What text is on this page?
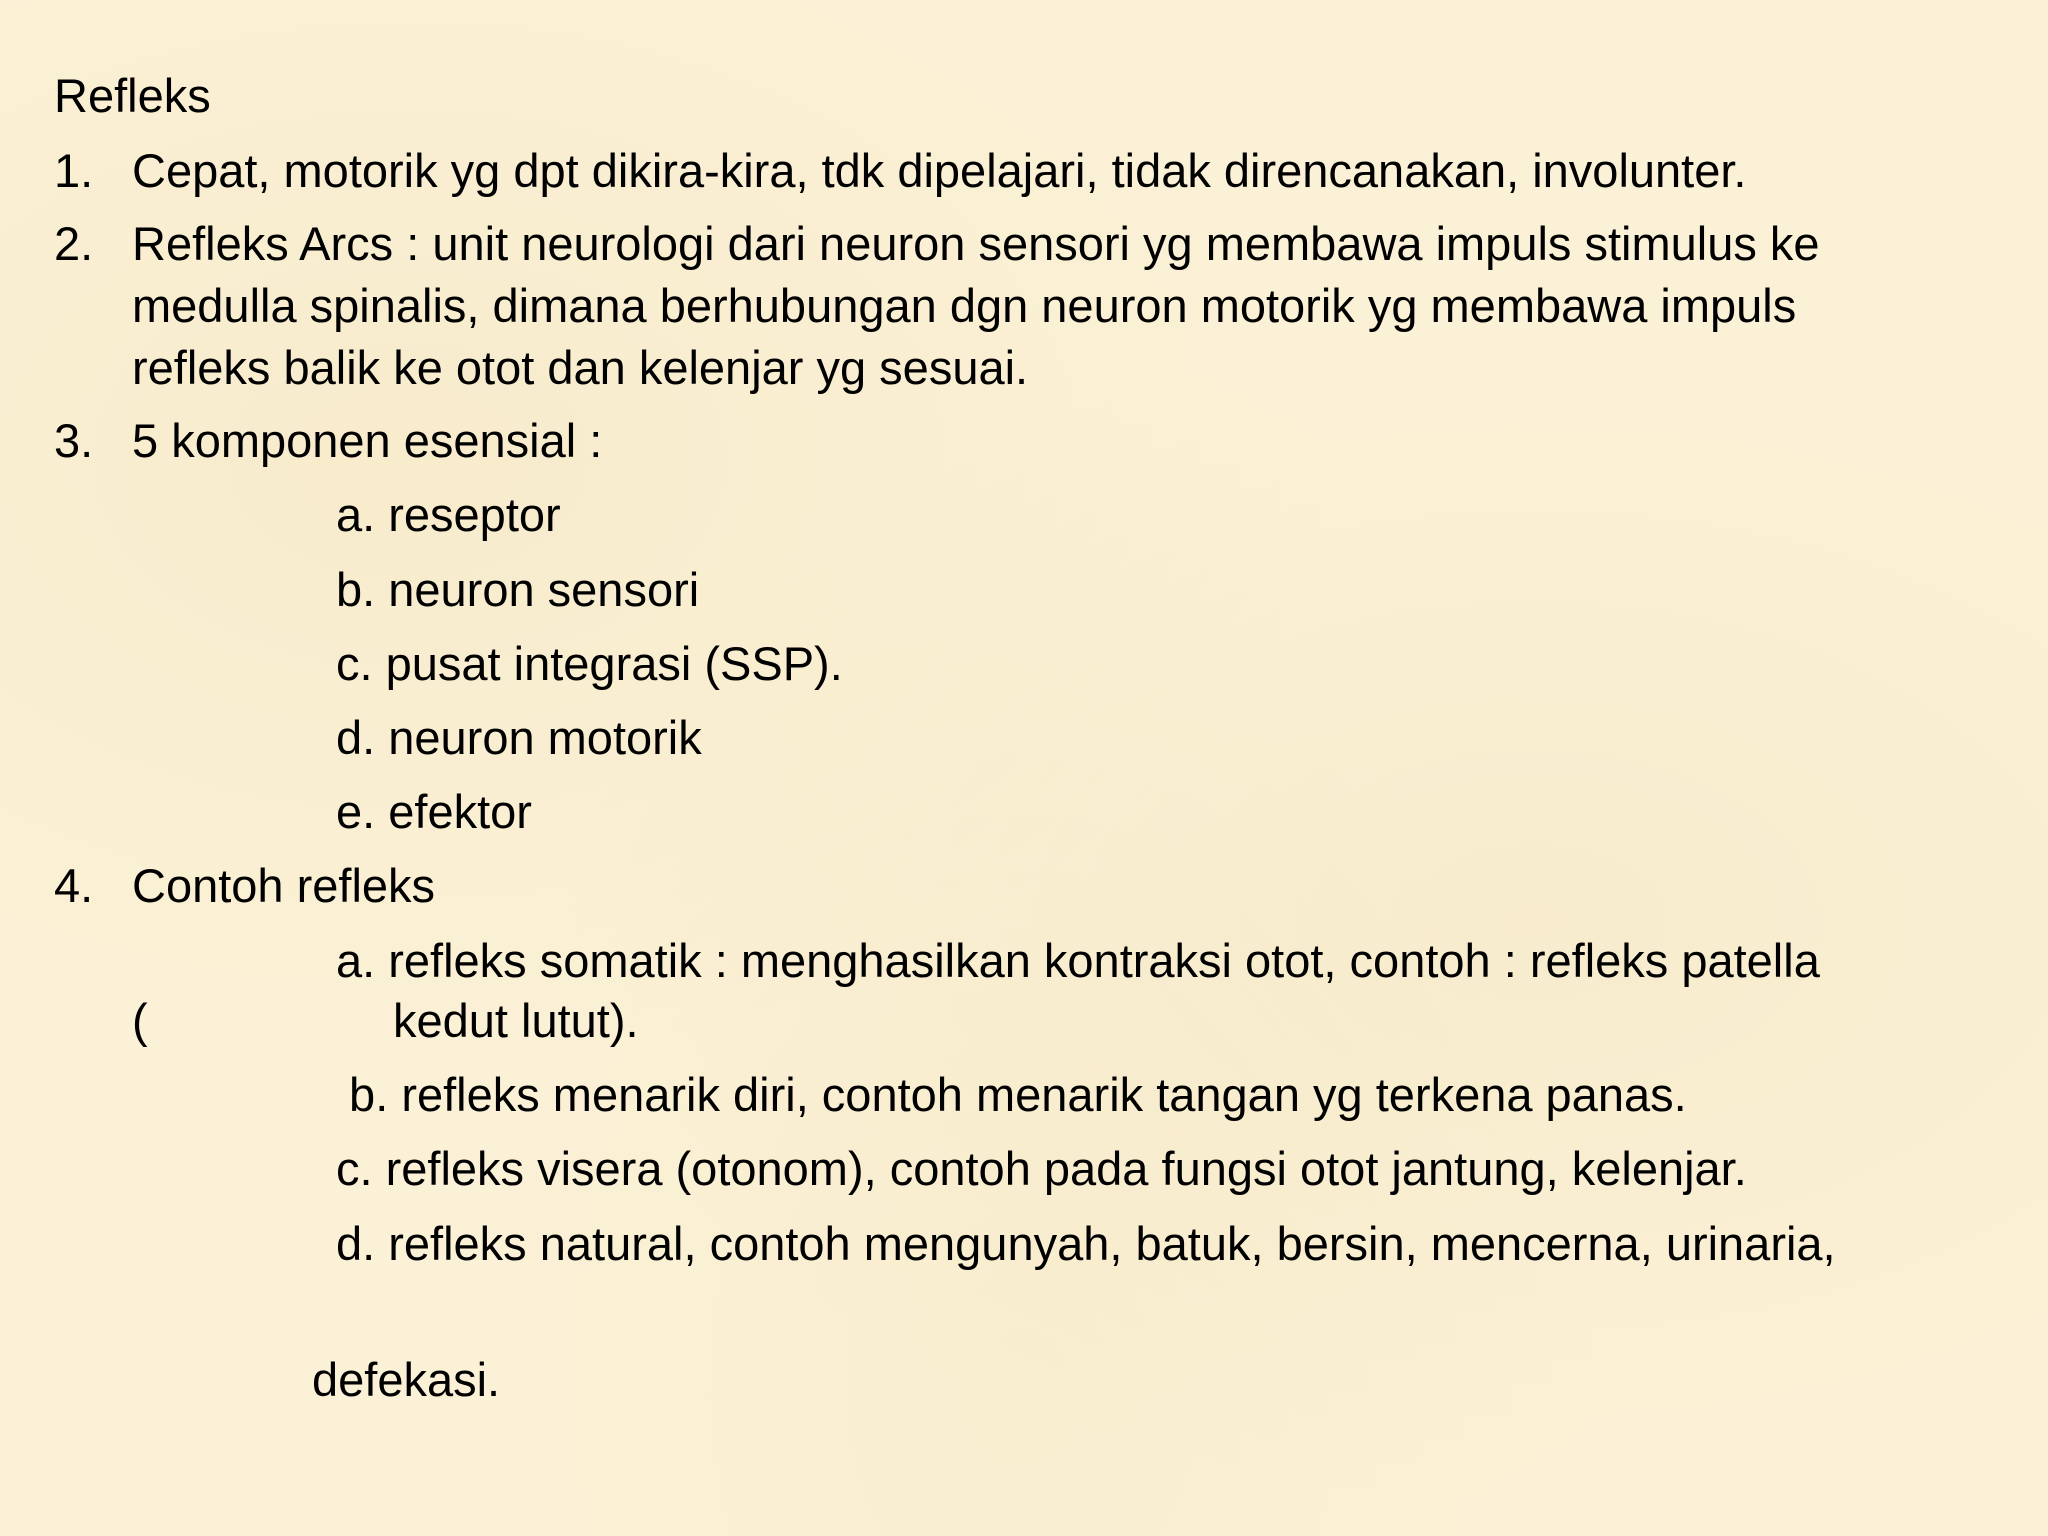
Refleks
1. Cepat, motorik yg dpt dikira-kira, tdk dipelajari, tidak direncanakan, involunter.
2. Refleks Arcs : unit neurologi dari neuron sensori yg membawa impuls stimulus ke
medulla spinalis, dimana berhubungan dgn neuron motorik yg membawa impuls
refleks balik ke otot dan kelenjar yg sesuai.
3. 5 komponen esensial :
a. reseptor
b. neuron sensori
c. pusat integrasi (SSP).
d. neuron motorik
e. efektor
4. Contoh refleks
a. refleks somatik : menghasilkan kontraksi otot, contoh : refleks patella
(	kedut lutut).
b. refleks menarik diri, contoh menarik tangan yg terkena panas.
c. refleks visera (otonom), contoh pada fungsi otot jantung, kelenjar.
d. refleks natural, contoh mengunyah, batuk, bersin, mencerna, urinaria,
defekasi.
